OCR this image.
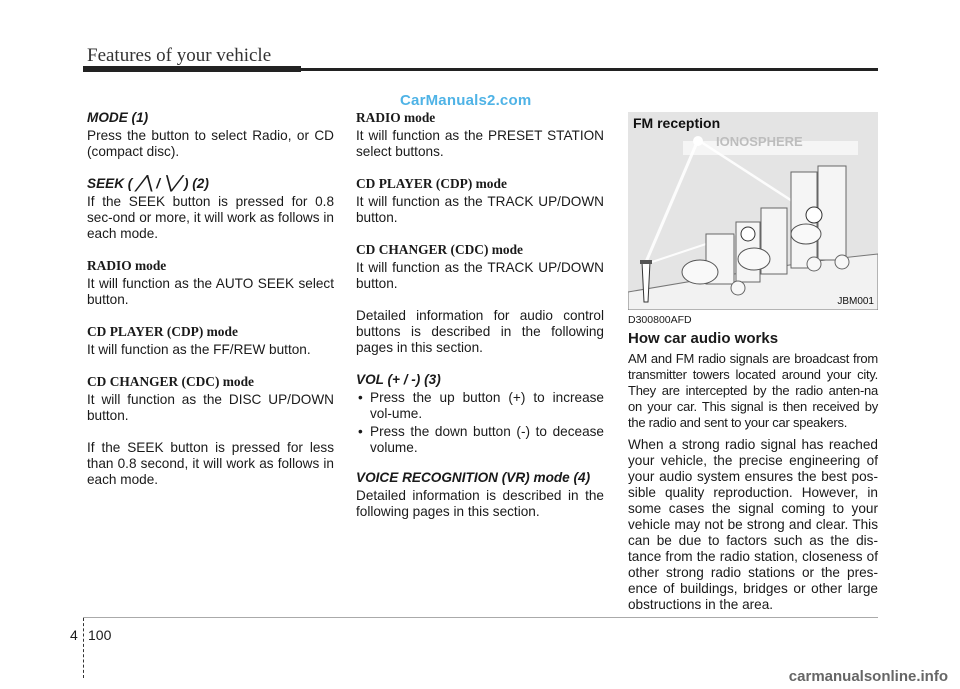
Features of your vehicle
CarManuals2.com
MODE (1)

Press the button to select Radio, or CD (compact disc).

SEEK ( ╱╲ / ╲╱ ) (2)

If the SEEK button is pressed for 0.8 sec-ond or more, it will work as follows in each mode.

RADIO mode

It will function as the AUTO SEEK select button.

CD PLAYER (CDP) mode

It will function as the FF/REW button.

CD CHANGER (CDC) mode

It will function as the DISC UP/DOWN button.

If the SEEK button is pressed for less than 0.8 second, it will work as follows in each mode.

RADIO mode

It will function as the PRESET STATION select buttons.

CD PLAYER (CDP) mode

It will function as the TRACK UP/DOWN button.

CD CHANGER (CDC) mode

It will function as the TRACK UP/DOWN button.

Detailed information for audio control buttons is described in the following pages in this section.

VOL (+ / -) (3)
• Press the up button (+) to increase vol-ume.
• Press the down button (-) to decease volume.
VOICE RECOGNITION (VR) mode (4)

Detailed information is described in the following pages in this section.

FM reception
IONOSPHERE
JBM001
D300800AFD
How car audio works

AM and FM radio signals are broadcast from transmitter towers located around your city. They are intercepted by the radio anten-na on your car. This signal is then received by the radio and sent to your car speakers.

When a strong radio signal has reached your vehicle, the precise engineering of your audio system ensures the best pos-sible quality reproduction. However, in some cases the signal coming to your vehicle may not be strong and clear. This can be due to factors such as the dis-tance from the radio station, closeness of other strong radio stations or the pres-ence of buildings, bridges or other large obstructions in the area.

4 100
carmanualsonline.info
